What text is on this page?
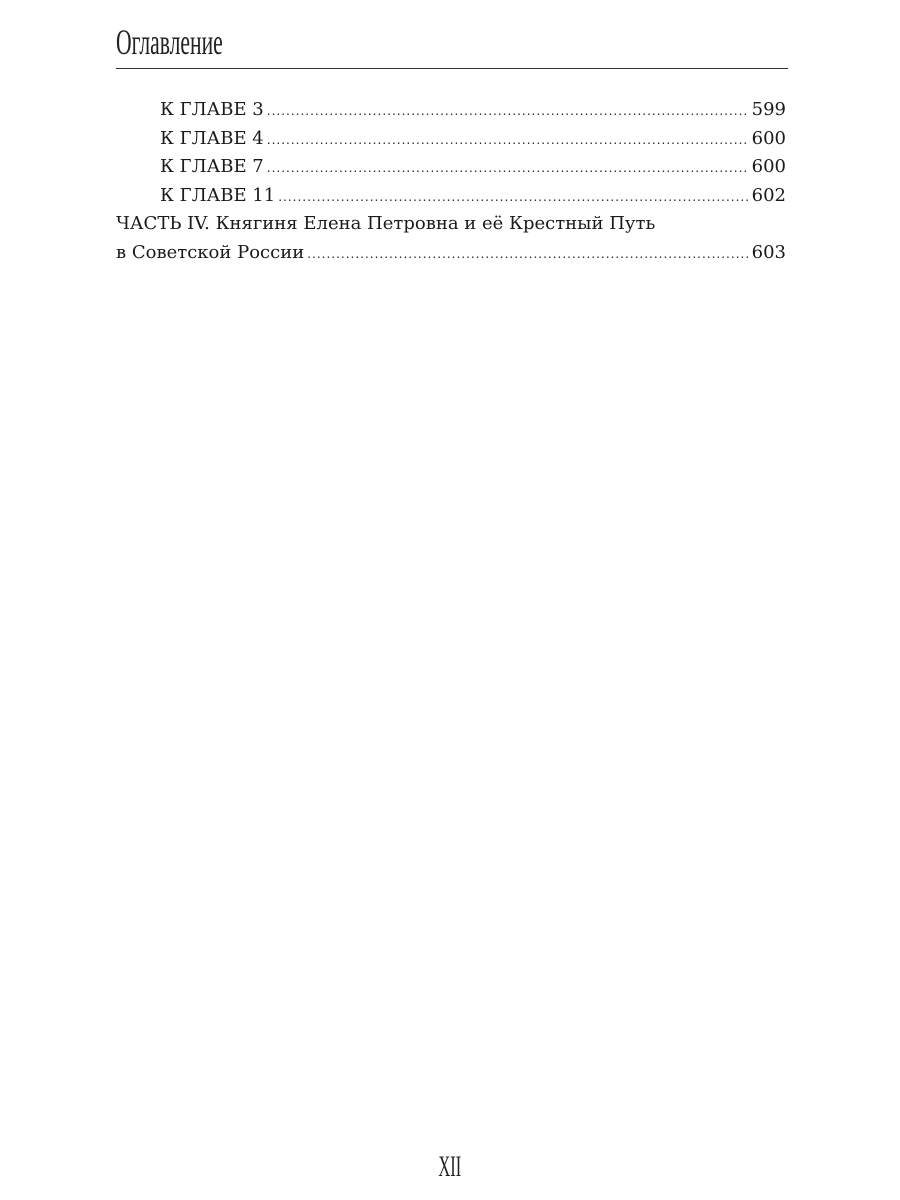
Оглавление
К ГЛАВЕ 3 .....	599
К ГЛАВЕ 4 .....	600
К ГЛАВЕ 7 .....	600
К ГЛАВЕ 11 .....	602
ЧАСТЬ IV. Княгиня Елена Петровна и её Крестный Путь
в Советской России .....	603
XII
